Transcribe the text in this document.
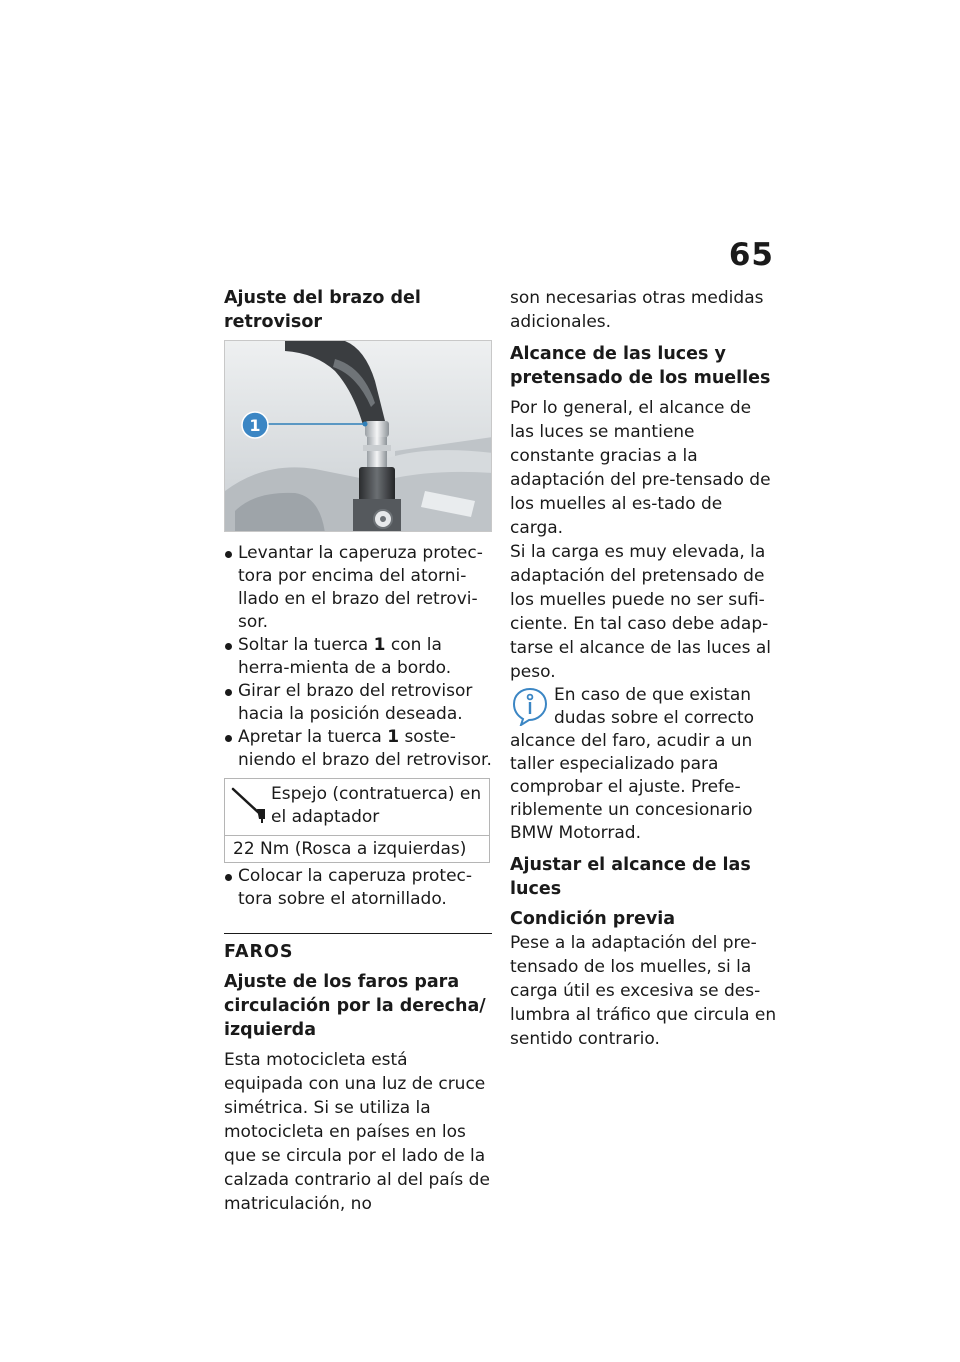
65
Ajuste del brazo del retrovisor
1
Levantar la caperuza protec-tora por encima del atorni-llado en el brazo del retrovi-sor.
Soltar la tuerca 1 con la herra-mienta de a bordo.
Girar el brazo del retrovisor hacia la posición deseada.
Apretar la tuerca 1 soste-niendo el brazo del retrovisor.
Espejo (contratuerca) en el adaptador
22 Nm (Rosca a izquierdas)
Colocar la caperuza protec-tora sobre el atornillado.
FAROS
Ajuste de los faros para circulación por la derecha/ izquierda

Esta motocicleta está equipada con una luz de cruce simétrica. Si se utiliza la motocicleta en países en los que se circula por el lado de la calzada contrario al del país de matriculación, no

son necesarias otras medidas adicionales.

Alcance de las luces y pretensado de los muelles

Por lo general, el alcance de las luces se mantiene constante gracias a la adaptación del pre-tensado de los muelles al es-tado de carga.

Si la carga es muy elevada, la adaptación del pretensado de los muelles puede no ser sufi-ciente. En tal caso debe adap-tarse el alcance de las luces al peso.

En caso de que existan dudas sobre el correcto alcance del faro, acudir a un taller especializado para comprobar el ajuste. Prefe-riblemente un concesionario BMW Motorrad.
Ajustar el alcance de las luces
Condición previa

Pese a la adaptación del pre-tensado de los muelles, si la carga útil es excesiva se des-lumbra al tráfico que circula en sentido contrario.
